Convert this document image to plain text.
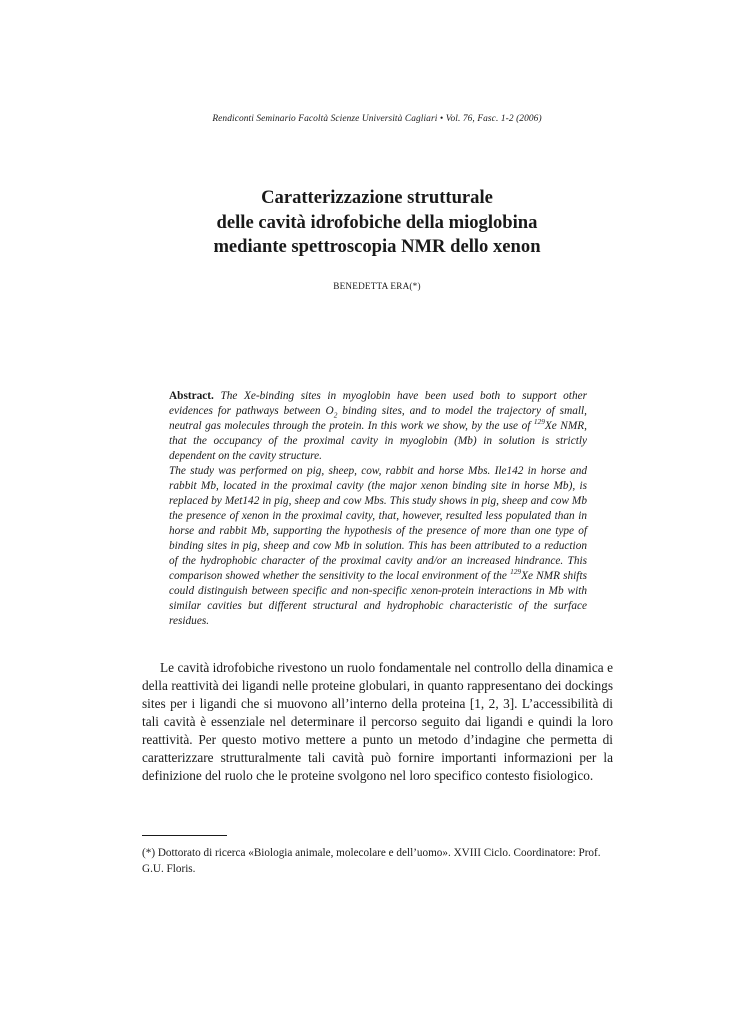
Rendiconti Seminario Facoltà Scienze Università Cagliari • Vol. 76, Fasc. 1-2 (2006)
Caratterizzazione strutturale
delle cavità idrofobiche della mioglobina
mediante spettroscopia NMR dello xenon
BENEDETTA ERA(*)

Abstract. The Xe-binding sites in myoglobin have been used both to support other evidences for pathways between $O_2$ binding sites, and to model the trajectory of small, neutral gas molecules through the protein. In this work we show, by the use of $^{129}$Xe NMR, that the occupancy of the proximal cavity in myoglobin (Mb) in solution is strictly dependent on the cavity structure.

The study was performed on pig, sheep, cow, rabbit and horse Mbs. Ile142 in horse and rabbit Mb, located in the proximal cavity (the major xenon binding site in horse Mb), is replaced by Met142 in pig, sheep and cow Mbs. This study shows in pig, sheep and cow Mb the presence of xenon in the proximal cavity, that, however, resulted less populated than in horse and rabbit Mb, supporting the hypothesis of the presence of more than one type of binding sites in pig, sheep and cow Mb in solution. This has been attributed to a reduction of the hydrophobic character of the proximal cavity and/or an increased hindrance. This comparison showed whether the sensitivity to the local environment of the $^{129}$Xe NMR shifts could distinguish between specific and non-specific xenon-protein interactions in Mb with similar cavities but different structural and hydrophobic characteristic of the surface residues.

Le cavità idrofobiche rivestono un ruolo fondamentale nel controllo della dinamica e della reattività dei ligandi nelle proteine globulari, in quanto rappresentano dei dockings sites per i ligandi che si muovono all’interno della proteina [1, 2, 3]. L’accessibilità di tali cavità è essenziale nel determinare il percorso seguito dai ligandi e quindi la loro reattività. Per questo motivo mettere a punto un metodo d’indagine che permetta di caratterizzare strutturalmente tali cavità può fornire importanti informazioni per la definizione del ruolo che le proteine svolgono nel loro specifico contesto fisiologico.

(*) Dottorato di ricerca «Biologia animale, molecolare e dell’uomo». XVIII Ciclo. Coordinatore: Prof. G.U. Floris.
